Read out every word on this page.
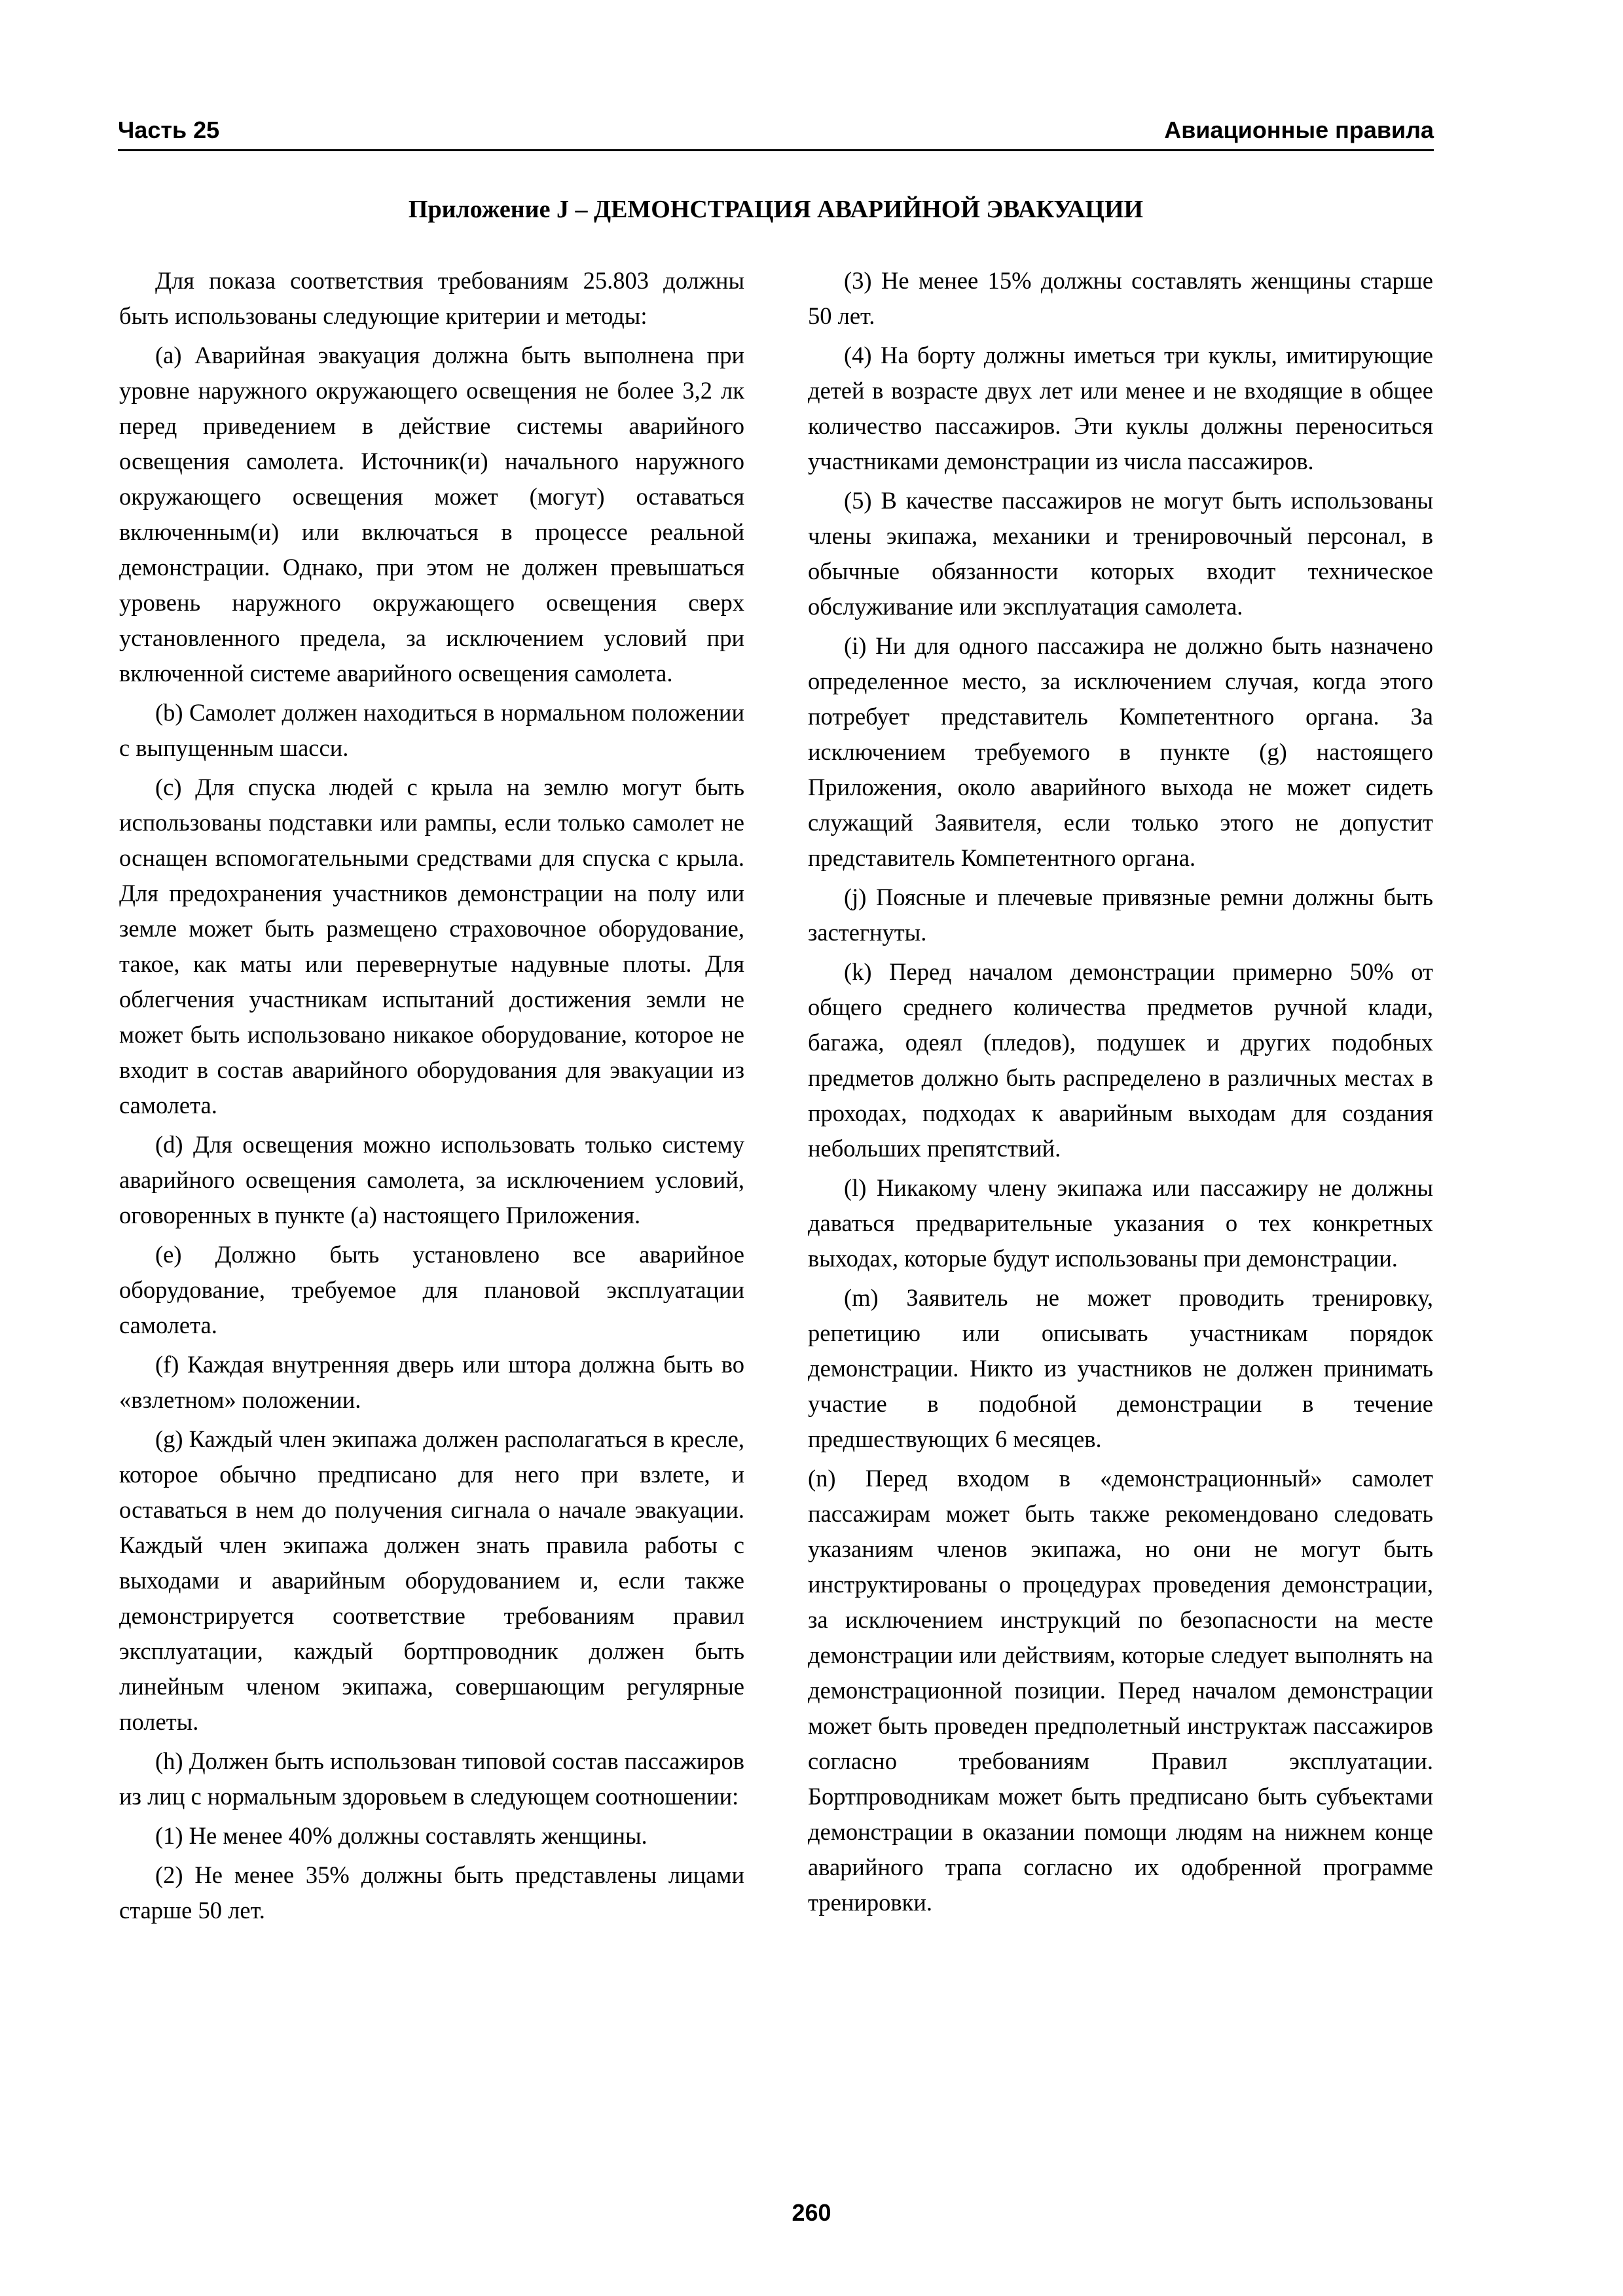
Часть 25	Авиационные правила
Приложение J – ДЕМОНСТРАЦИЯ АВАРИЙНОЙ ЭВАКУАЦИИ

Для показа соответствия требованиям 25.803 должны быть использованы следующие критерии и методы:

(a) Аварийная эвакуация должна быть выполнена при уровне наружного окружающего освещения не более 3,2 лк перед приведением в действие системы аварийного освещения самолета. Источник(и) начального наружного окружающего освещения может (могут) оставаться включенным(и) или включаться в процессе реальной демонстрации. Однако, при этом не должен превышаться уровень наружного окружающего освещения сверх установленного предела, за исключением условий при включенной системе аварийного освещения самолета.

(b) Самолет должен находиться в нормальном положении с выпущенным шасси.

(c) Для спуска людей с крыла на землю могут быть использованы подставки или рампы, если только самолет не оснащен вспомогательными средствами для спуска с крыла. Для предохранения участников демонстрации на полу или земле может быть размещено страховочное оборудование, такое, как маты или перевернутые надувные плоты. Для облегчения участникам испытаний достижения земли не может быть использовано никакое оборудование, которое не входит в состав аварийного оборудования для эвакуации из самолета.

(d) Для освещения можно использовать только систему аварийного освещения самолета, за исключением условий, оговоренных в пункте (a) настоящего Приложения.

(e) Должно быть установлено все аварийное оборудование, требуемое для плановой эксплуатации самолета.

(f) Каждая внутренняя дверь или штора должна быть во «взлетном» положении.

(g) Каждый член экипажа должен располагаться в кресле, которое обычно предписано для него при взлете, и оставаться в нем до получения сигнала о начале эвакуации. Каждый член экипажа должен знать правила работы с выходами и аварийным оборудованием и, если также демонстрируется соответствие требованиям правил эксплуатации, каждый бортпроводник должен быть линейным членом экипажа, совершающим регулярные полеты.

(h) Должен быть использован типовой состав пассажиров из лиц с нормальным здоровьем в следующем соотношении:

(1) Не менее 40% должны составлять женщины.

(2) Не менее 35% должны быть представлены лицами старше 50 лет.

(3) Не менее 15% должны составлять женщины старше 50 лет.

(4) На борту должны иметься три куклы, имитирующие детей в возрасте двух лет или менее и не входящие в общее количество пассажиров. Эти куклы должны переноситься участниками демонстрации из числа пассажиров.

(5) В качестве пассажиров не могут быть использованы члены экипажа, механики и тренировочный персонал, в обычные обязанности которых входит техническое обслуживание или эксплуатация самолета.

(i) Ни для одного пассажира не должно быть назначено определенное место, за исключением случая, когда этого потребует представитель Компетентного органа. За исключением требуемого в пункте (g) настоящего Приложения, около аварийного выхода не может сидеть служащий Заявителя, если только этого не допустит представитель Компетентного органа.

(j) Поясные и плечевые привязные ремни должны быть застегнуты.

(k) Перед началом демонстрации примерно 50% от общего среднего количества предметов ручной клади, багажа, одеял (пледов), подушек и других подобных предметов должно быть распределено в различных местах в проходах, подходах к аварийным выходам для создания небольших препятствий.

(l) Никакому члену экипажа или пассажиру не должны даваться предварительные указания о тех конкретных выходах, которые будут использованы при демонстрации.

(m) Заявитель не может проводить тренировку, репетицию или описывать участникам порядок демонстрации. Никто из участников не должен принимать участие в подобной демонстрации в течение предшествующих 6 месяцев.

(n) Перед входом в «демонстрационный» самолет пассажирам может быть также рекомендовано следовать указаниям членов экипажа, но они не могут быть инструктированы о процедурах проведения демонстрации, за исключением инструкций по безопасности на месте демонстрации или действиям, которые следует выполнять на демонстрационной позиции. Перед началом демонстрации может быть проведен предполетный инструктаж пассажиров согласно требованиям Правил эксплуатации. Бортпроводникам может быть предписано быть субъектами демонстрации в оказании помощи людям на нижнем конце аварийного трапа согласно их одобренной программе тренировки.

260
